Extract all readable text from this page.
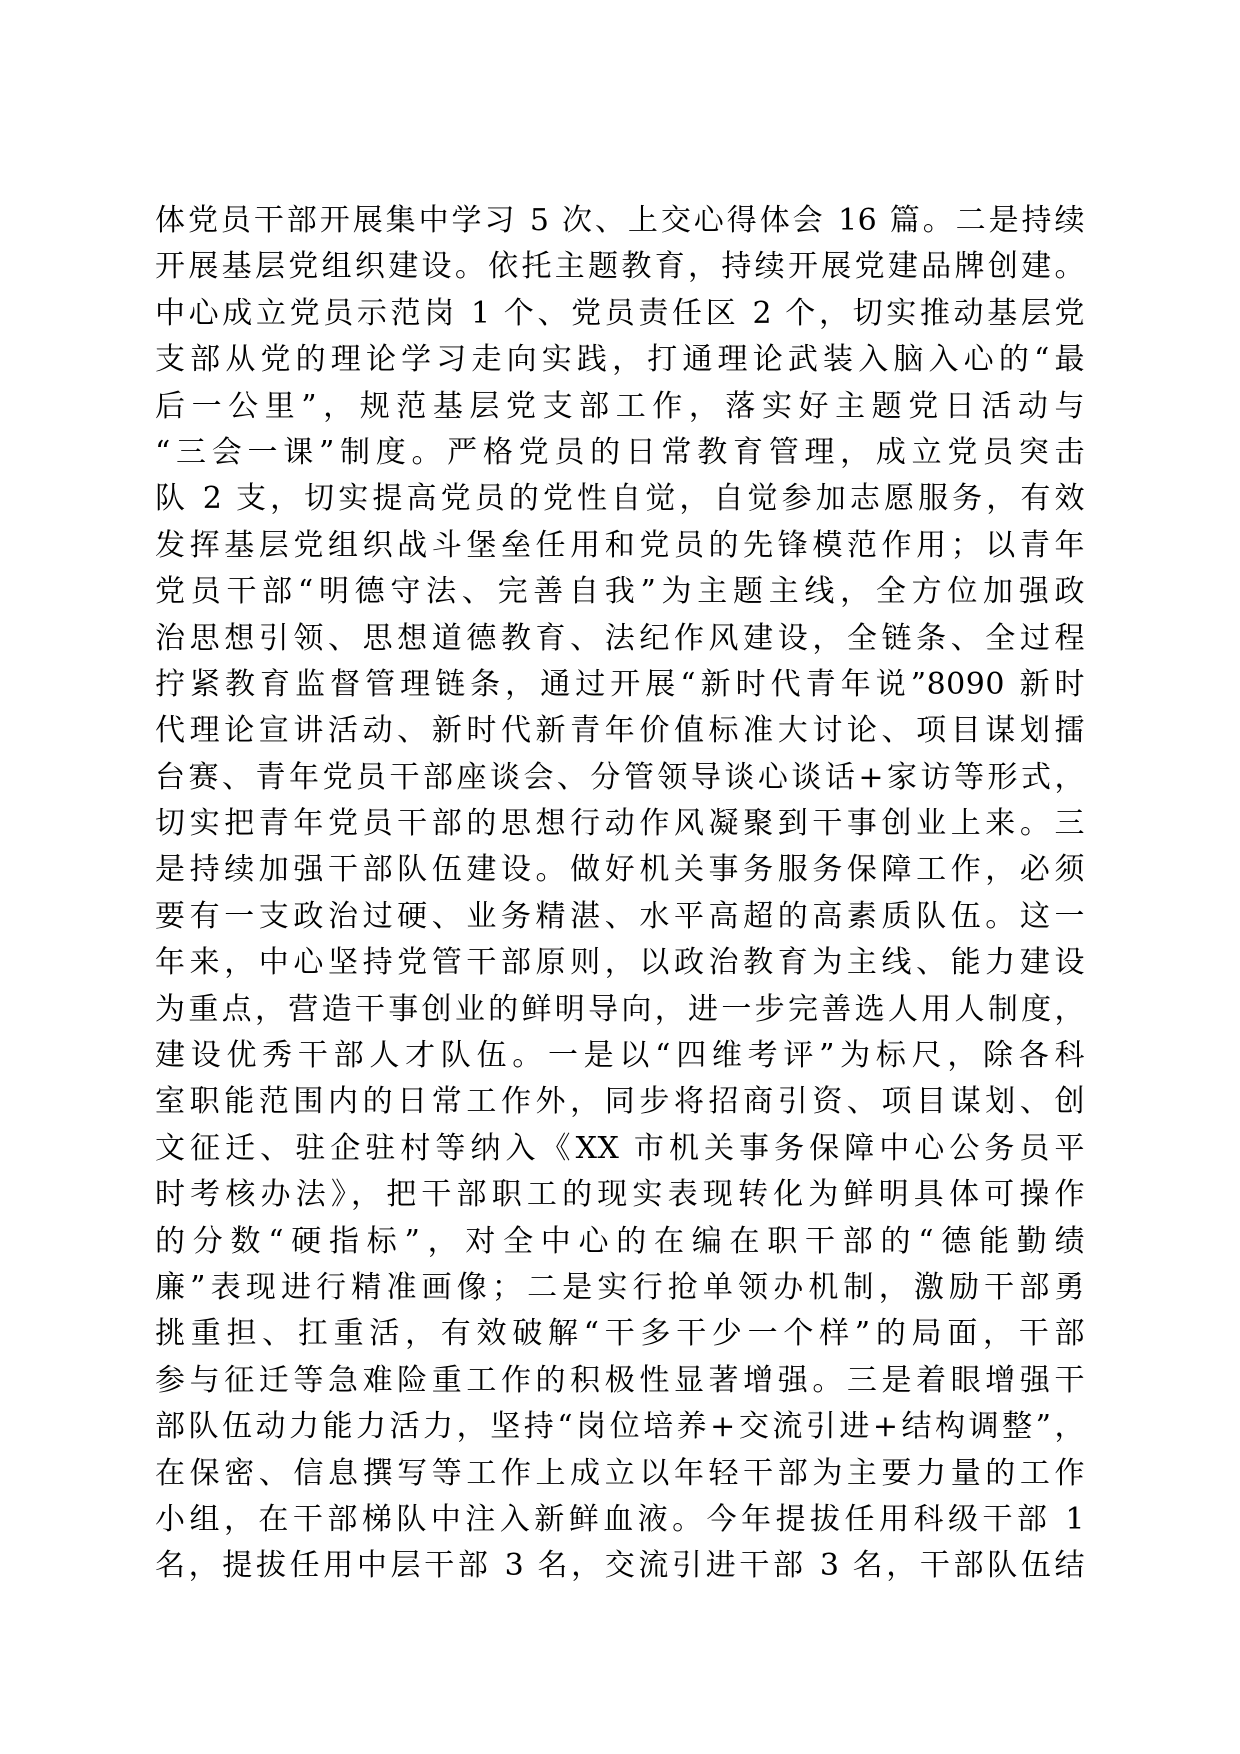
体党员干部开展集中学习 5 次、上交心得体会 16 篇。二是持续
开展基层党组织建设。依托主题教育，持续开展党建品牌创建。
中心成立党员示范岗 1 个、党员责任区 2 个，切实推动基层党
支部从党的理论学习走向实践，打通理论武装入脑入心的“最
后一公里”，规范基层党支部工作，落实好主题党日活动与
“三会一课”制度。严格党员的日常教育管理，成立党员突击
队 2 支，切实提高党员的党性自觉，自觉参加志愿服务，有效
发挥基层党组织战斗堡垒任用和党员的先锋模范作用；以青年
党员干部“明德守法、完善自我”为主题主线，全方位加强政
治思想引领、思想道德教育、法纪作风建设，全链条、全过程
拧紧教育监督管理链条，通过开展“新时代青年说”8090 新时
代理论宣讲活动、新时代新青年价值标准大讨论、项目谋划擂
台赛、青年党员干部座谈会、分管领导谈心谈话+家访等形式，
切实把青年党员干部的思想行动作风凝聚到干事创业上来。三
是持续加强干部队伍建设。做好机关事务服务保障工作，必须
要有一支政治过硬、业务精湛、水平高超的高素质队伍。这一
年来，中心坚持党管干部原则，以政治教育为主线、能力建设
为重点，营造干事创业的鲜明导向，进一步完善选人用人制度，
建设优秀干部人才队伍。一是以“四维考评”为标尺，除各科
室职能范围内的日常工作外，同步将招商引资、项目谋划、创
文征迁、驻企驻村等纳入《XX 市机关事务保障中心公务员平
时考核办法》，把干部职工的现实表现转化为鲜明具体可操作
的分数“硬指标”，对全中心的在编在职干部的“德能勤绩
廉”表现进行精准画像；二是实行抢单领办机制，激励干部勇
挑重担、扛重活，有效破解“干多干少一个样”的局面，干部
参与征迁等急难险重工作的积极性显著增强。三是着眼增强干
部队伍动力能力活力，坚持“岗位培养+交流引进+结构调整”，
在保密、信息撰写等工作上成立以年轻干部为主要力量的工作
小组，在干部梯队中注入新鲜血液。今年提拔任用科级干部 1
名，提拔任用中层干部 3 名，交流引进干部 3 名，干部队伍结
